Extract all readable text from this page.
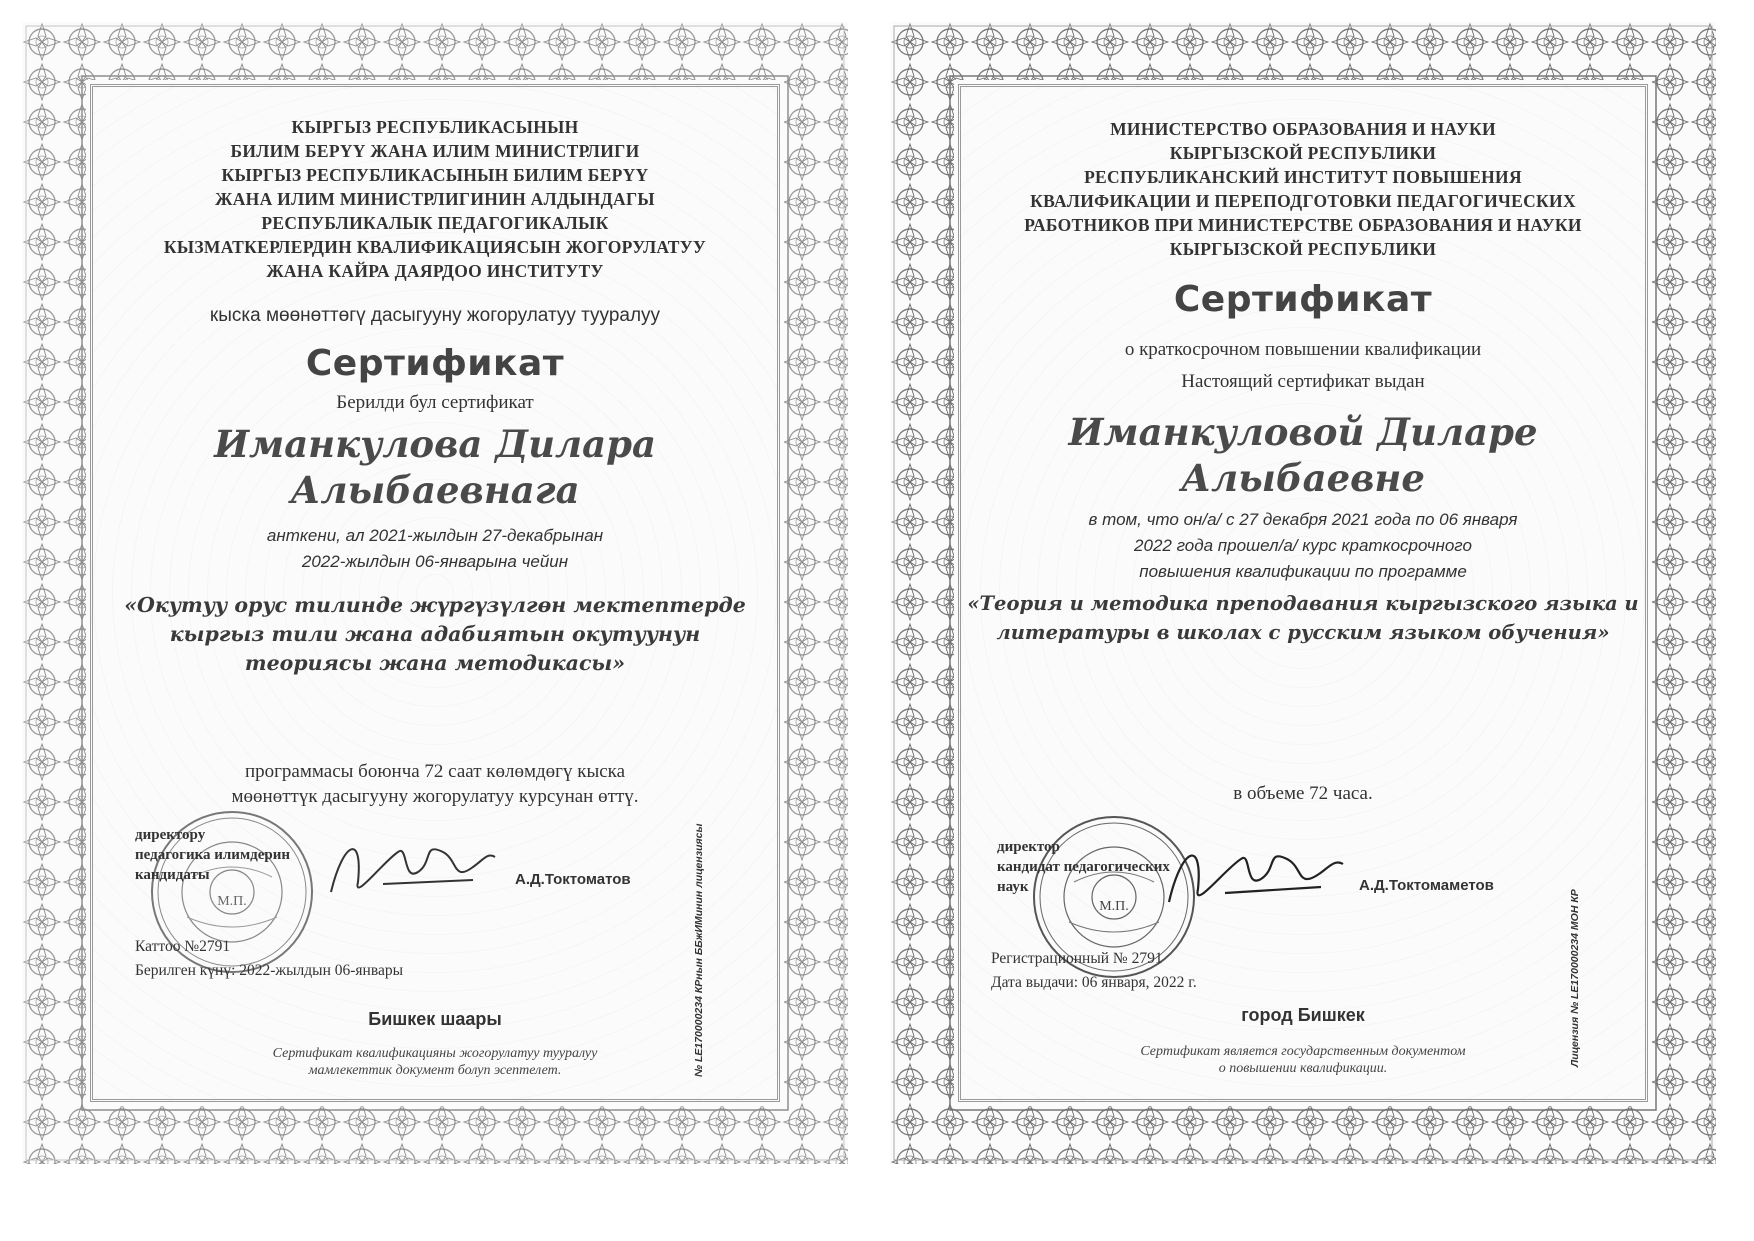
КЫРГЫЗ РЕСПУБЛИКАСЫНЫН
БИЛИМ БЕРҮҮ ЖАНА ИЛИМ МИНИСТРЛИГИ
КЫРГЫЗ РЕСПУБЛИКАСЫНЫН БИЛИМ БЕРҮҮ
ЖАНА ИЛИМ МИНИСТРЛИГИНИН АЛДЫНДАГЫ
РЕСПУБЛИКАЛЫК ПЕДАГОГИКАЛЫК
КЫЗМАТКЕРЛЕРДИН КВАЛИФИКАЦИЯСЫН ЖОГОРУЛАТУУ
ЖАНА КАЙРА ДАЯРДОО ИНСТИТУТУ
кыска мөөнөттөгү дасыгууну жогорулатуу тууралуу
Сертификат
Берилди бул сертификат
Иманкулова Дилара
Алыбаевнага
анткени, ал 2021-жылдын 27-декабрынан
2022-жылдын 06-январына чейин
«Окутуу орус тилинде жүргүзүлгөн мектептерде
кыргыз тили жана адабиятын окутуунун
теориясы жана методикасы»
программасы боюнча 72 саат көлөмдөгү кыска
мөөнөттүк дасыгууну жогорулатуу курсунан өттү.
М.П.
директору
педагогика илимдерин
кандидаты	А.Д.Токтоматов
Каттоо №2791
Берилген күнү: 2022-жылдын 06-январы
Бишкек шаары
Сертификат квалификацияны жогорулатуу тууралуу
мамлекеттик документ болуп эсептелет.	№ LE170000234 КРнын ББжИМинин лицензиясы
МИНИСТЕРСТВО ОБРАЗОВАНИЯ И НАУКИ
КЫРГЫЗСКОЙ РЕСПУБЛИКИ
РЕСПУБЛИКАНСКИЙ ИНСТИТУТ ПОВЫШЕНИЯ
КВАЛИФИКАЦИИ И ПЕРЕПОДГОТОВКИ ПЕДАГОГИЧЕСКИХ
РАБОТНИКОВ ПРИ МИНИСТЕРСТВЕ ОБРАЗОВАНИЯ И НАУКИ
КЫРГЫЗСКОЙ РЕСПУБЛИКИ
Сертификат
о краткосрочном повышении квалификации
Настоящий сертификат выдан
Иманкуловой Диларе
Алыбаевне
в том, что он/а/ с 27 декабря 2021 года по 06 января
2022 года прошел/а/ курс краткосрочного
повышения квалификации по программе
«Теория и методика преподавания кыргызского языка и
литературы в школах с русским языком обучения»
в объеме 72 часа.
М.П.
директор
кандидат педагогических
наук	А.Д.Токтомаметов
Регистрационный № 2791
Дата выдачи: 06 января, 2022 г.
город Бишкек
Сертификат является государственным документом
о повышении квалификации.
Лицензия № LE170000234 МОН КР
